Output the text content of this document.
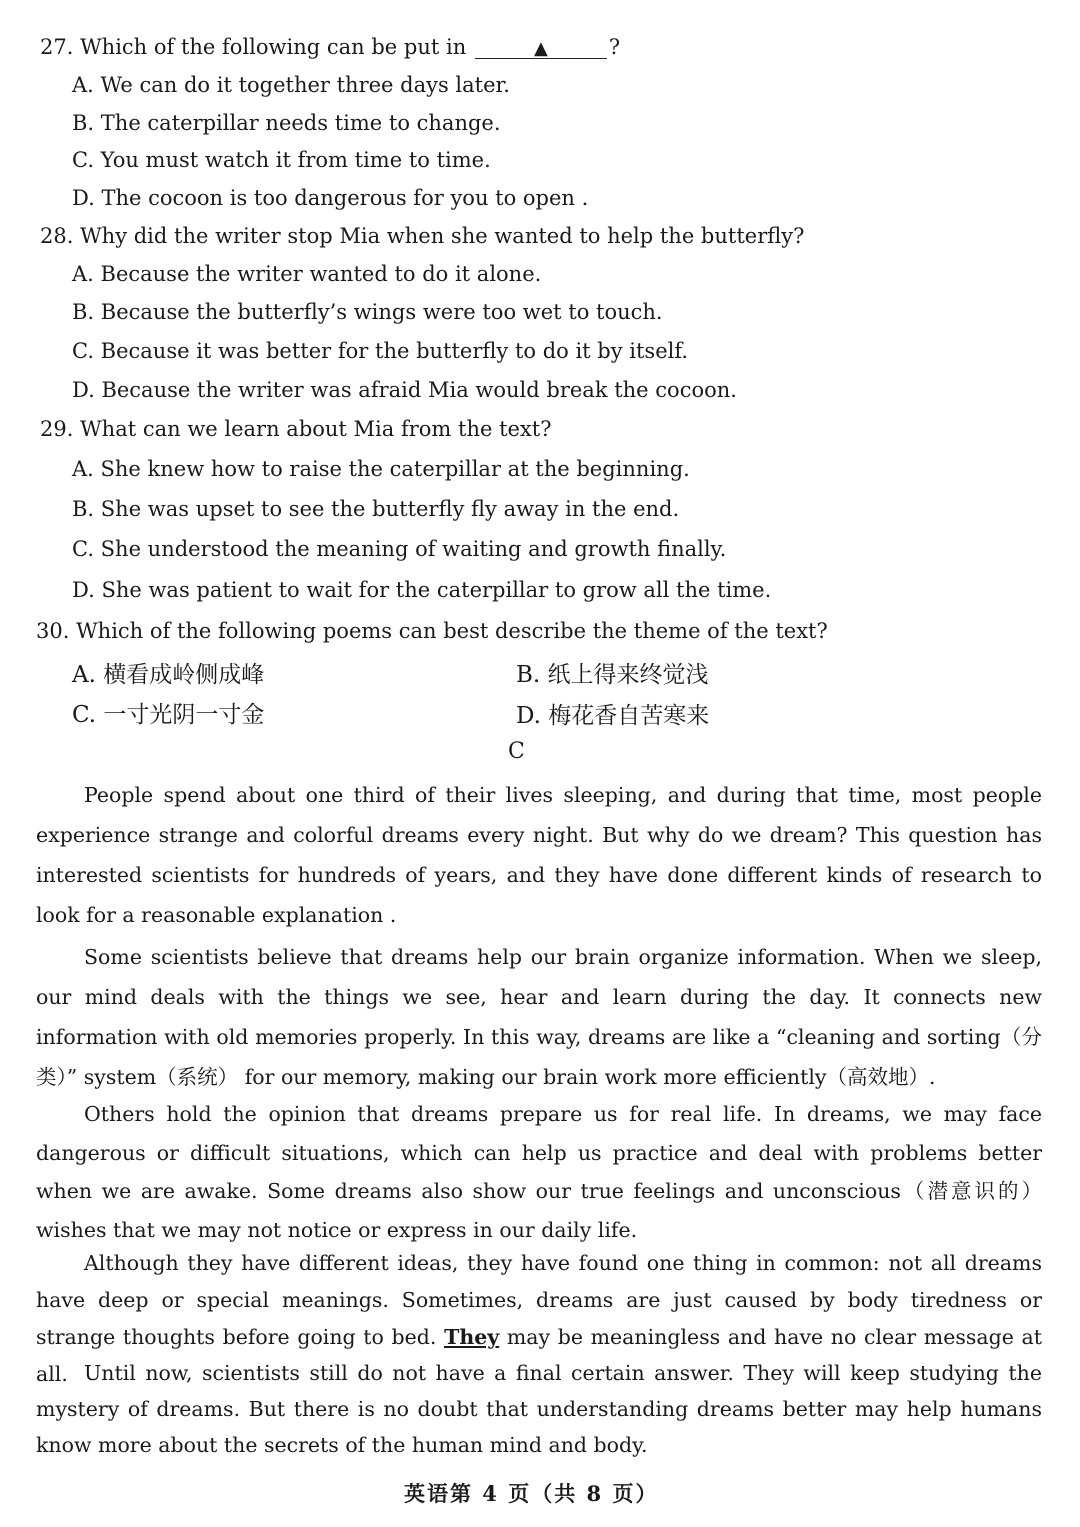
27. Which of the following can be put in	▲	?
A. We can do it together three days later.
B. The caterpillar needs time to change.
C. You must watch it from time to time.
D. The cocoon is too dangerous for you to open .
28. Why did the writer stop Mia when she wanted to help the butterfly?
A. Because the writer wanted to do it alone.
B. Because the butterfly’s wings were too wet to touch.
C. Because it was better for the butterfly to do it by itself.
D. Because the writer was afraid Mia would break the cocoon.
29. What can we learn about Mia from the text?
A. She knew how to raise the caterpillar at the beginning.
B. She was upset to see the butterfly fly away in the end.
C. She understood the meaning of waiting and growth finally.
D. She was patient to wait for the caterpillar to grow all the time.
30. Which of the following poems can best describe the theme of the text?
A. 横看成岭侧成峰	B. 纸上得来终觉浅
C. 一寸光阴一寸金	D. 梅花香自苦寒来
C
People spend about one third of their lives sleeping, and during that time, most people experience strange and colorful dreams every night. But why do we dream? This question has interested scientists for hundreds of years, and they have done different kinds of research to look for a reasonable explanation .
Some scientists believe that dreams help our brain organize information. When we sleep, our mind deals with the things we see, hear and learn during the day. It connects new information with old memories properly. In this way, dreams are like a “cleaning and sorting（分类）” system（系统） for our memory, making our brain work more efficiently（高效地）.
Others hold the opinion that dreams prepare us for real life. In dreams, we may face dangerous or difficult situations, which can help us practice and deal with problems better when we are awake. Some dreams also show our true feelings and unconscious（潜意识的）wishes that we may not notice or express in our daily life.
Although they have different ideas, they have found one thing in common: not all dreams have deep or special meanings. Sometimes, dreams are just caused by body tiredness or strange thoughts before going to bed. They may be meaningless and have no clear message at all. Until now, scientists still do not have a final certain answer. They will keep studying the mystery of dreams. But there is no doubt that understanding dreams better may help humans know more about the secrets of the human mind and body.
英语第 4 页（共 8 页）
